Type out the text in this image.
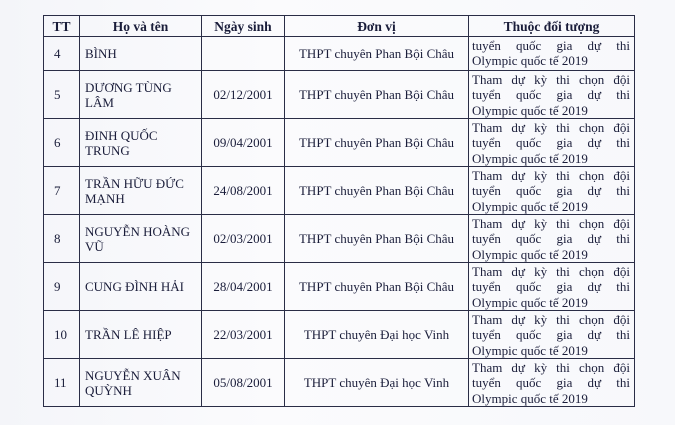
TT	Họ và tên	Ngày sinh	Đơn vị	Thuộc đối tượng
4	BÌNH		THPT chuyên Phan Bội Châu	tuyển quốc gia dự thi
Olympic quốc tế 2019

5	DƯƠNG TÙNG LÂM	02/12/2001	THPT chuyên Phan Bội Châu	Tham dự kỳ thi chọn đội
tuyển quốc gia dự thi
Olympic quốc tế 2019

6	ĐINH QUỐC TRUNG	09/04/2001	THPT chuyên Phan Bội Châu	Tham dự kỳ thi chọn đội
tuyển quốc gia dự thi
Olympic quốc tế 2019

7	TRẦN HỮU ĐỨC MẠNH	24/08/2001	THPT chuyên Phan Bội Châu	Tham dự kỳ thi chọn đội
tuyển quốc gia dự thi
Olympic quốc tế 2019

8	NGUYỄN HOÀNG VŨ	02/03/2001	THPT chuyên Phan Bội Châu	Tham dự kỳ thi chọn đội
tuyển quốc gia dự thi
Olympic quốc tế 2019

9	CUNG ĐÌNH HẢI	28/04/2001	THPT chuyên Phan Bội Châu	Tham dự kỳ thi chọn đội
tuyển quốc gia dự thi
Olympic quốc tế 2019

10	TRẦN LÊ HIỆP	22/03/2001	THPT chuyên Đại học Vinh	Tham dự kỳ thi chọn đội
tuyển quốc gia dự thi
Olympic quốc tế 2019

11	NGUYỄN XUÂN QUỲNH	05/08/2001	THPT chuyên Đại học Vinh	Tham dự kỳ thi chọn đội
tuyển quốc gia dự thi
Olympic quốc tế 2019
